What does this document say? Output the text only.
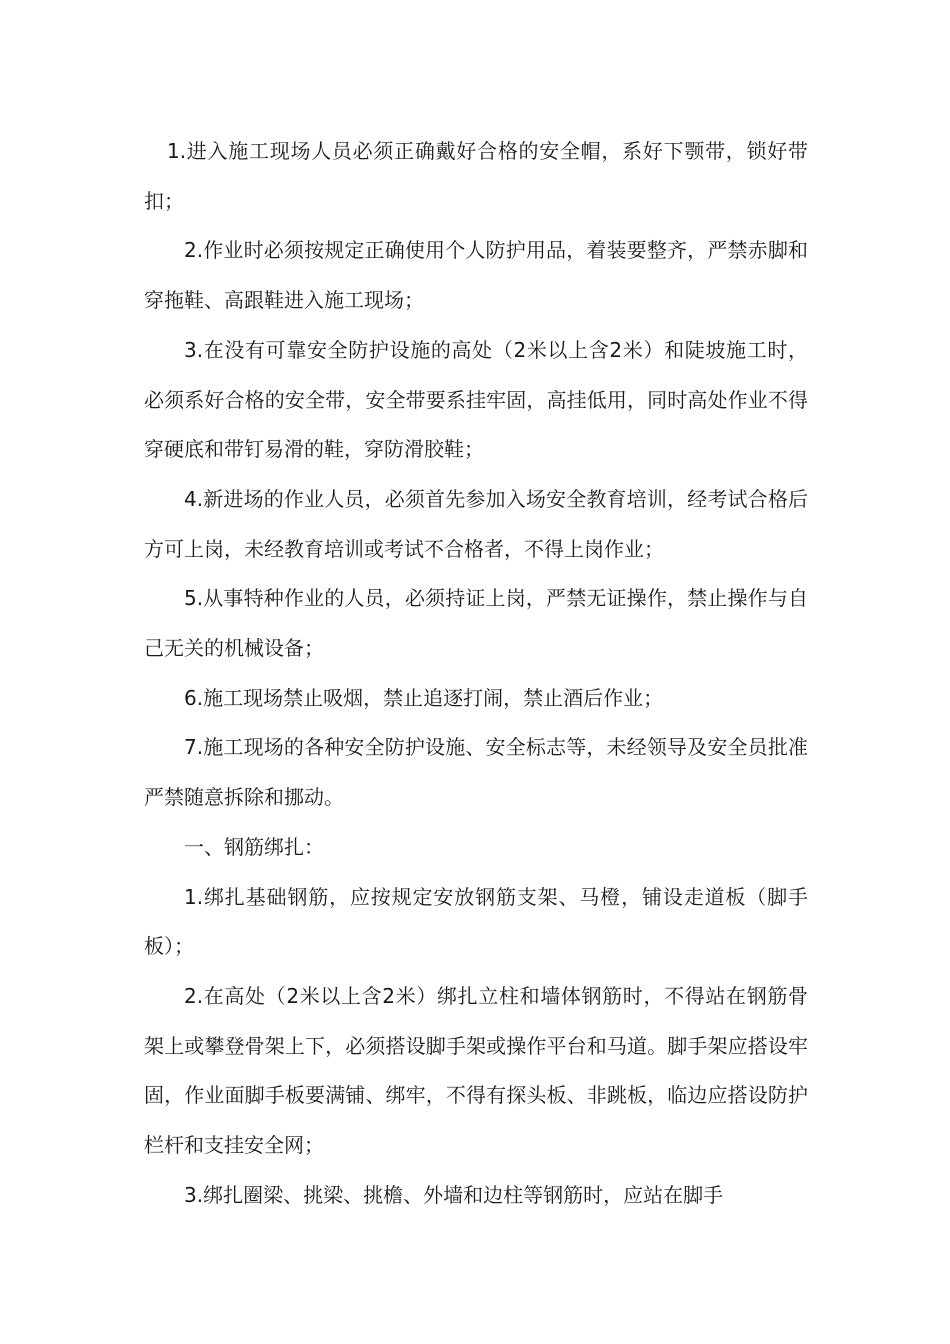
1.进入施工现场人员必须正确戴好合格的安全帽，系好下颚带，锁好带扣；

2.作业时必须按规定正确使用个人防护用品，着装要整齐，严禁赤脚和穿拖鞋、高跟鞋进入施工现场；

3.在没有可靠安全防护设施的高处（2米以上含2米）和陡坡施工时，必须系好合格的安全带，安全带要系挂牢固，高挂低用，同时高处作业不得穿硬底和带钉易滑的鞋，穿防滑胶鞋；

4.新进场的作业人员，必须首先参加入场安全教育培训，经考试合格后方可上岗，未经教育培训或考试不合格者，不得上岗作业；

5.从事特种作业的人员，必须持证上岗，严禁无证操作，禁止操作与自己无关的机械设备；

6.施工现场禁止吸烟，禁止追逐打闹，禁止酒后作业；

7.施工现场的各种安全防护设施、安全标志等，未经领导及安全员批准严禁随意拆除和挪动。

一、钢筋绑扎：

1.绑扎基础钢筋，应按规定安放钢筋支架、马橙，铺设走道板（脚手板）；

2.在高处（2米以上含2米）绑扎立柱和墙体钢筋时，不得站在钢筋骨架上或攀登骨架上下，必须搭设脚手架或操作平台和马道。脚手架应搭设牢固，作业面脚手板要满铺、绑牢，不得有探头板、非跳板，临边应搭设防护栏杆和支挂安全网；

3.绑扎圈梁、挑梁、挑檐、外墙和边柱等钢筋时，应站在脚手
